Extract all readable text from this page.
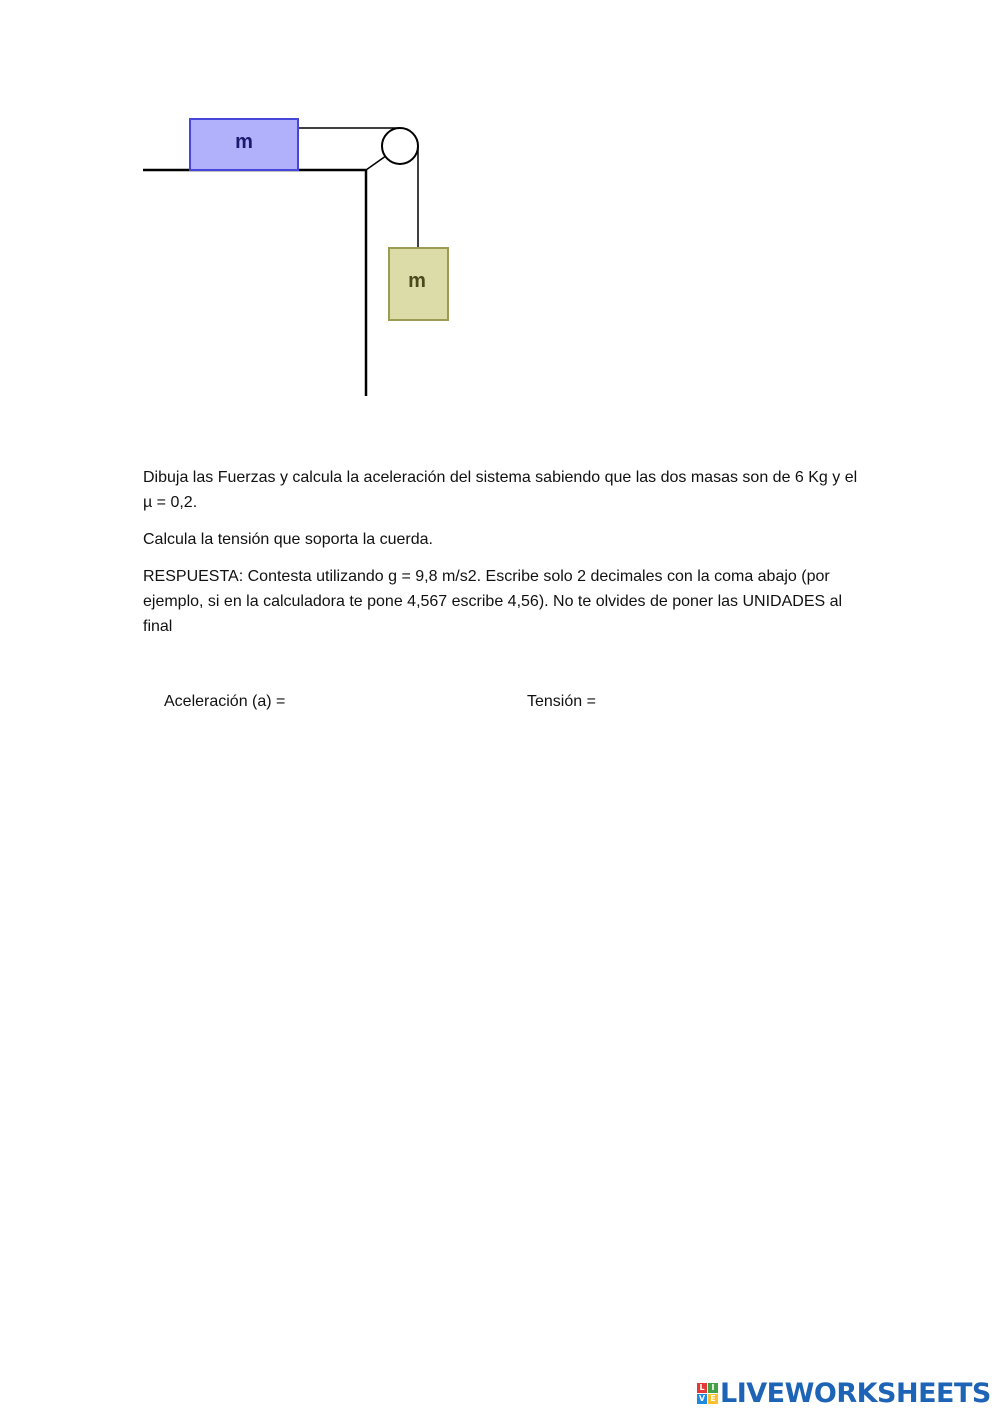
m
m

Dibuja las Fuerzas y calcula la aceleración del sistema sabiendo que las dos masas son de 6 Kg y el µ = 0,2.

Calcula la tensión que soporta la cuerda.

RESPUESTA: Contesta utilizando g = 9,8 m/s2. Escribe solo 2 decimales con la coma abajo (por ejemplo, si en la calculadora te pone 4,567 escribe 4,56). No te olvides de poner las UNIDADES al final

Aceleración (a) =	Tensión =
L I
V E LIVEWORKSHEETS
